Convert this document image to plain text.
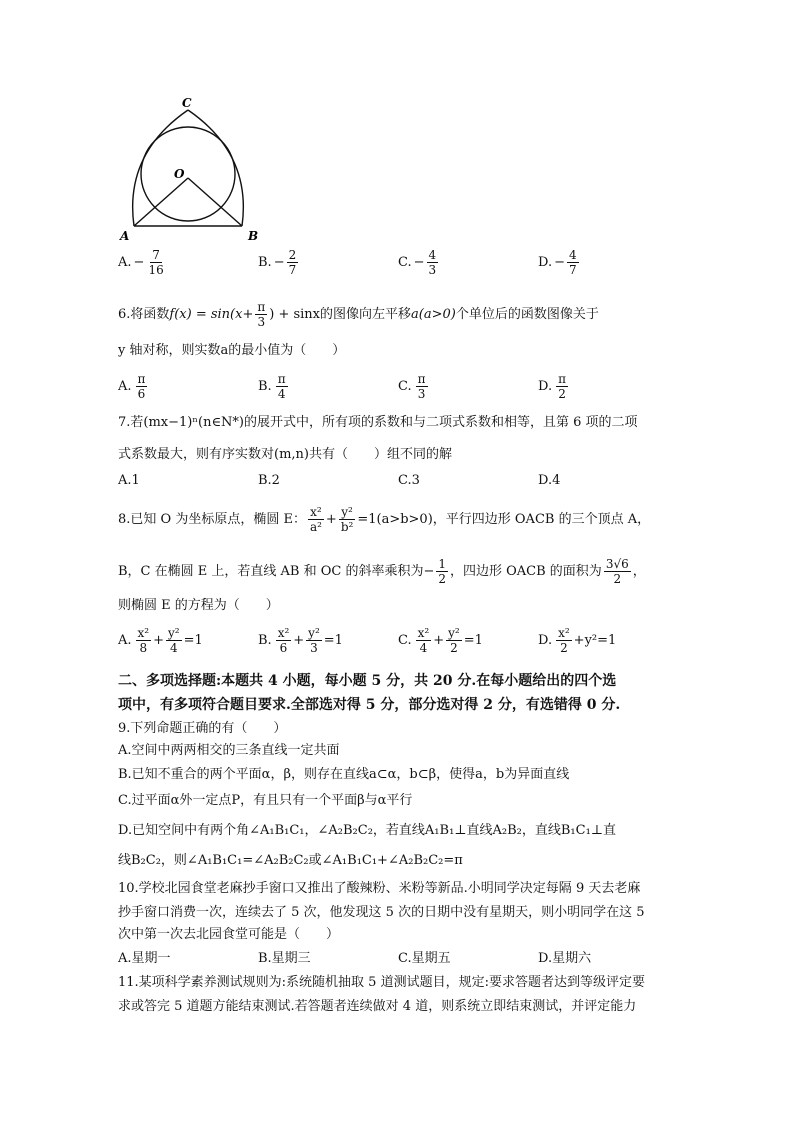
C
O
A	B
A. − $\frac{7}{16}$	B. − $\frac{2}{7}$	C. − $\frac{4}{3}$	D. − $\frac{4}{7}$
6.将函数 $f(x) = \sin(x+ \frac{\pi}{3}$ ) + sinx的图像向左平移 a(a>0) 个单位后的函数图像关于
y 轴对称，则实数a的最小值为（　　）
A. $\frac{\pi}{6}$	B. $\frac{\pi}{4}$	C. $\frac{\pi}{3}$	D. $\frac{\pi}{2}$
7.若(mx−1)ⁿ(n∈N*)的展开式中，所有项的系数和与二项式系数和相等，且第 6 项的二项
式系数最大，则有序实数对(m,n)共有（　　）组不同的解
A.1	B.2	C.3	D.4
8.已知 O 为坐标原点，椭圆 E： $\frac{\text{x²}}{\text{a²}} + \frac{\text{y²}}{\text{b²}} =1(a>b>0)$，平行四边形 OACB 的三个顶点 A，
B，C 在椭圆 E 上，若直线 AB 和 OC 的斜率乘积为− $\frac{1}{2}$ ，四边形 OACB 的面积为 $\frac{3√6}{2}$ ，
则椭圆 E 的方程为（　　）
A. $\frac{\text{x²}}{8} + \frac{\text{y²}}{4} =1$	B. $\frac{\text{x²}}{6} + \frac{\text{y²}}{3} =1$	C. $\frac{\text{x²}}{4} + \frac{\text{y²}}{2} =1$	D. $\frac{\text{x²}}{2} +y^2=1$
二、多项选择题:本题共 4 小题，每小题 5 分，共 20 分.在每小题给出的四个选
项中，有多项符合题目要求.全部选对得 5 分，部分选对得 2 分，有选错得 0 分.
9.下列命题正确的有（　　）
A.空间中两两相交的三条直线一定共面
B.已知不重合的两个平面α，β，则存在直线a⊂α，b⊂β，使得a，b为异面直线
C.过平面α外一定点P，有且只有一个平面β与α平行
D.已知空间中有两个角∠A₁B₁C₁，∠A₂B₂C₂，若直线A₁B₁⊥直线A₂B₂，直线B₁C₁⊥直
线B₂C₂，则∠A₁B₁C₁=∠A₂B₂C₂或∠A₁B₁C₁+∠A₂B₂C₂=π
10.学校北园食堂老麻抄手窗口又推出了酸辣粉、米粉等新品.小明同学决定每隔 9 天去老麻
抄手窗口消费一次，连续去了 5 次，他发现这 5 次的日期中没有星期天，则小明同学在这 5
次中第一次去北园食堂可能是（　　）
A.星期一	B.星期三	C.星期五	D.星期六
11.某项科学素养测试规则为:系统随机抽取 5 道测试题目，规定:要求答题者达到等级评定要
求或答完 5 道题方能结束测试.若答题者连续做对 4 道，则系统立即结束测试，并评定能力
